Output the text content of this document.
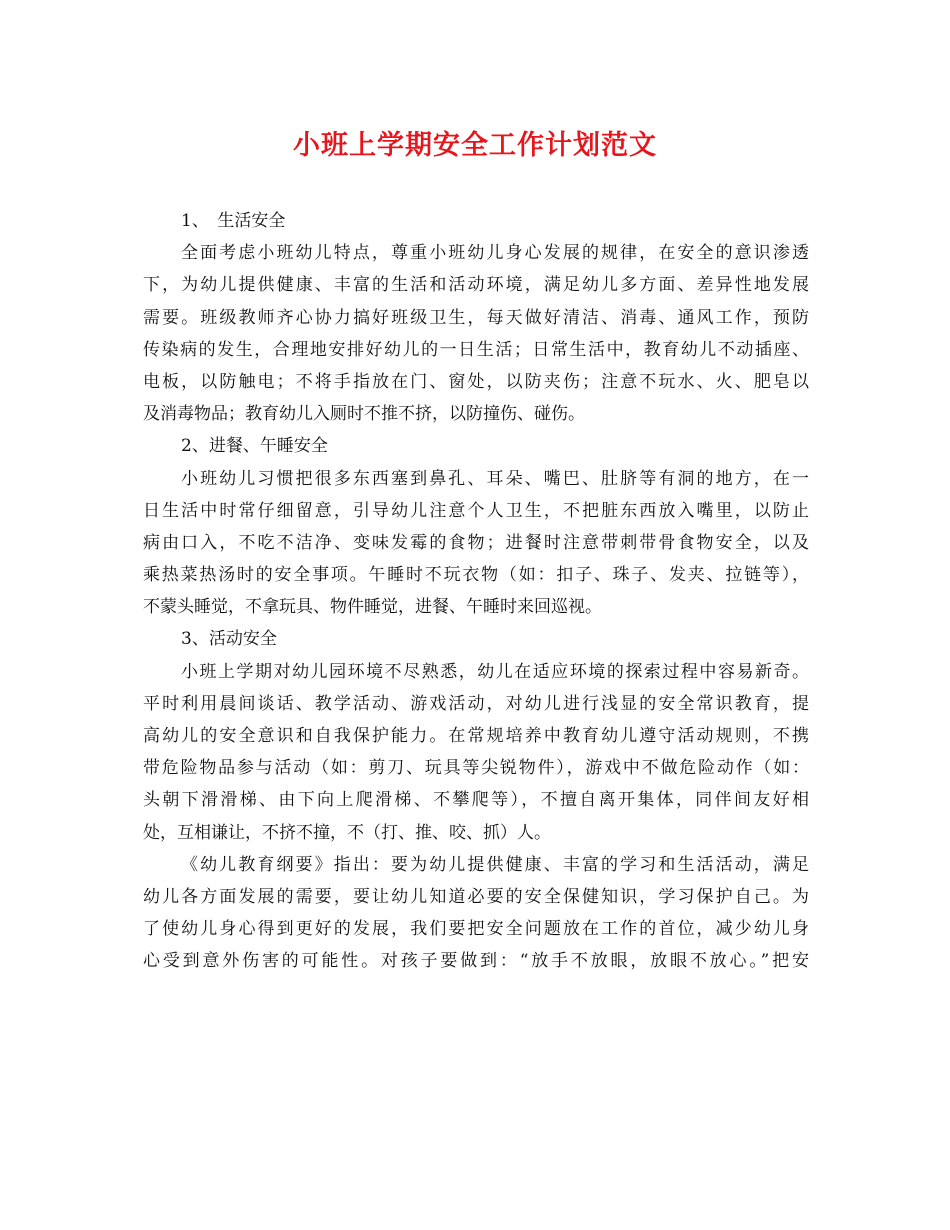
小班上学期安全工作计划范文
1、　生活安全
全面考虑小班幼儿特点，尊重小班幼儿身心发展的规律，在安全的意识渗透
下，为幼儿提供健康、丰富的生活和活动环境，满足幼儿多方面、差异性地发展
需要。班级教师齐心协力搞好班级卫生，每天做好清洁、消毒、通风工作，预防
传染病的发生，合理地安排好幼儿的一日生活；日常生活中，教育幼儿不动插座、
电板，以防触电；不将手指放在门、窗处，以防夹伤；注意不玩水、火、肥皂以
及消毒物品；教育幼儿入厕时不推不挤，以防撞伤、碰伤。
2、进餐、午睡安全
小班幼儿习惯把很多东西塞到鼻孔、耳朵、嘴巴、肚脐等有洞的地方，在一
日生活中时常仔细留意，引导幼儿注意个人卫生，不把脏东西放入嘴里，以防止
病由口入，不吃不洁净、变味发霉的食物；进餐时注意带刺带骨食物安全，以及
乘热菜热汤时的安全事项。午睡时不玩衣物（如：扣子、珠子、发夹、拉链等），
不蒙头睡觉，不拿玩具、物件睡觉，进餐、午睡时来回巡视。
3、活动安全
小班上学期对幼儿园环境不尽熟悉，幼儿在适应环境的探索过程中容易新奇。
平时利用晨间谈话、教学活动、游戏活动，对幼儿进行浅显的安全常识教育，提
高幼儿的安全意识和自我保护能力。在常规培养中教育幼儿遵守活动规则，不携
带危险物品参与活动（如：剪刀、玩具等尖锐物件），游戏中不做危险动作（如：
头朝下滑滑梯、由下向上爬滑梯、不攀爬等），不擅自离开集体，同伴间友好相
处，互相谦让，不挤不撞，不（打、推、咬、抓）人。
《幼儿教育纲要》指出：要为幼儿提供健康、丰富的学习和生活活动，满足
幼儿各方面发展的需要，要让幼儿知道必要的安全保健知识，学习保护自己。为
了使幼儿身心得到更好的发展，我们要把安全问题放在工作的首位，减少幼儿身
心受到意外伤害的可能性。对孩子要做到：“放手不放眼，放眼不放心。”把安
